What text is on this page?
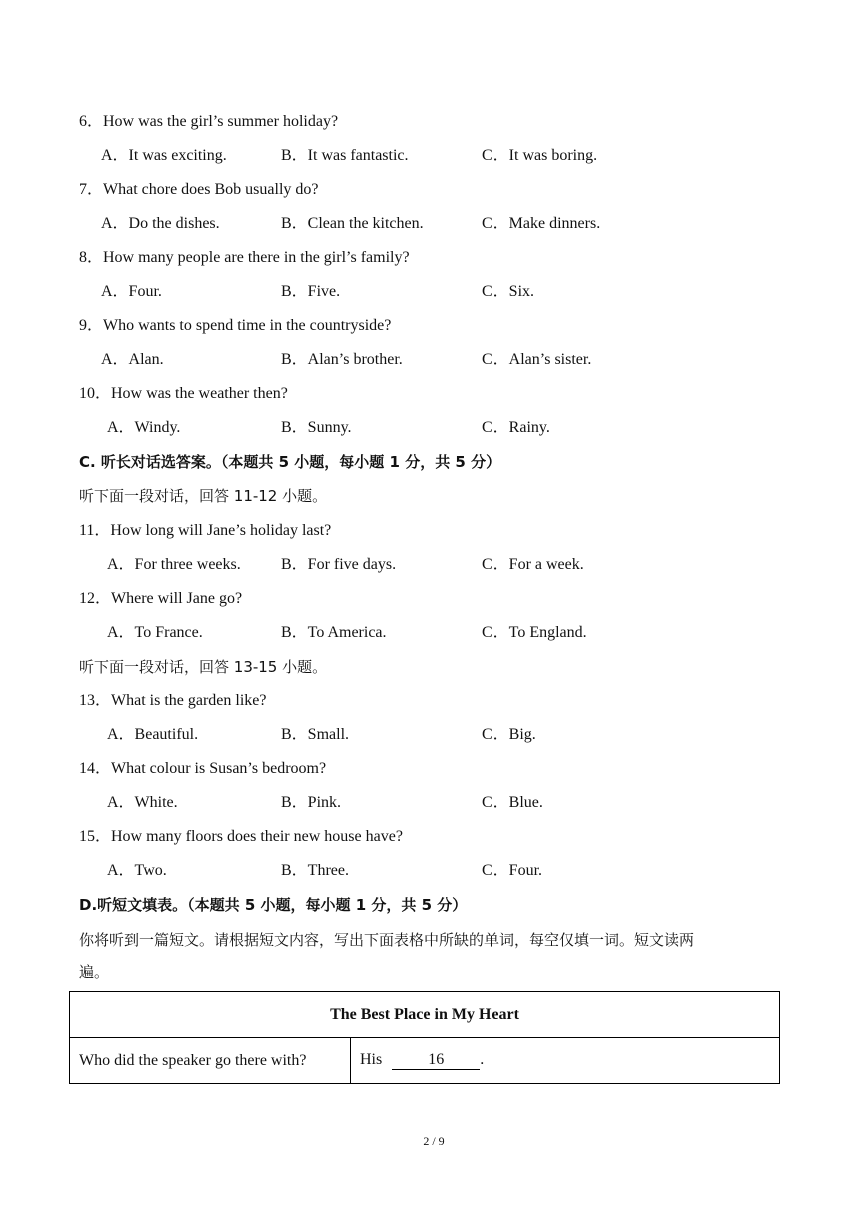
6．How was the girl’s summer holiday?
A．It was exciting.	B．It was fantastic.	C．It was boring.
7．What chore does Bob usually do?
A．Do the dishes.	B．Clean the kitchen.	C．Make dinners.
8．How many people are there in the girl’s family?
A．Four.	B．Five.	C．Six.
9．Who wants to spend time in the countryside?
A．Alan.	B．Alan’s brother.	C．Alan’s sister.
10．How was the weather then?
A．Windy.	B．Sunny.	C．Rainy.
C. 听长对话选答案。（本题共 5 小题，每小题 1 分，共 5 分）
听下面一段对话，回答 11-12 小题。
11．How long will Jane’s holiday last?
A．For three weeks.	B．For five days.	C．For a week.
12．Where will Jane go?
A．To France.	B．To America.	C．To England.
听下面一段对话，回答 13-15 小题。
13．What is the garden like?
A．Beautiful.	B．Small.	C．Big.
14．What colour is Susan’s bedroom?
A．White.	B．Pink.	C．Blue.
15．How many floors does their new house have?
A．Two.	B．Three.	C．Four.
D.听短文填表。（本题共 5 小题，每小题 1 分，共 5 分）
你将听到一篇短文。请根据短文内容，写出下面表格中所缺的单词，每空仅填一词。短文读两
遍。
The Best Place in My Heart
Who did the speaker go there with?	His	16 .
2 / 9
